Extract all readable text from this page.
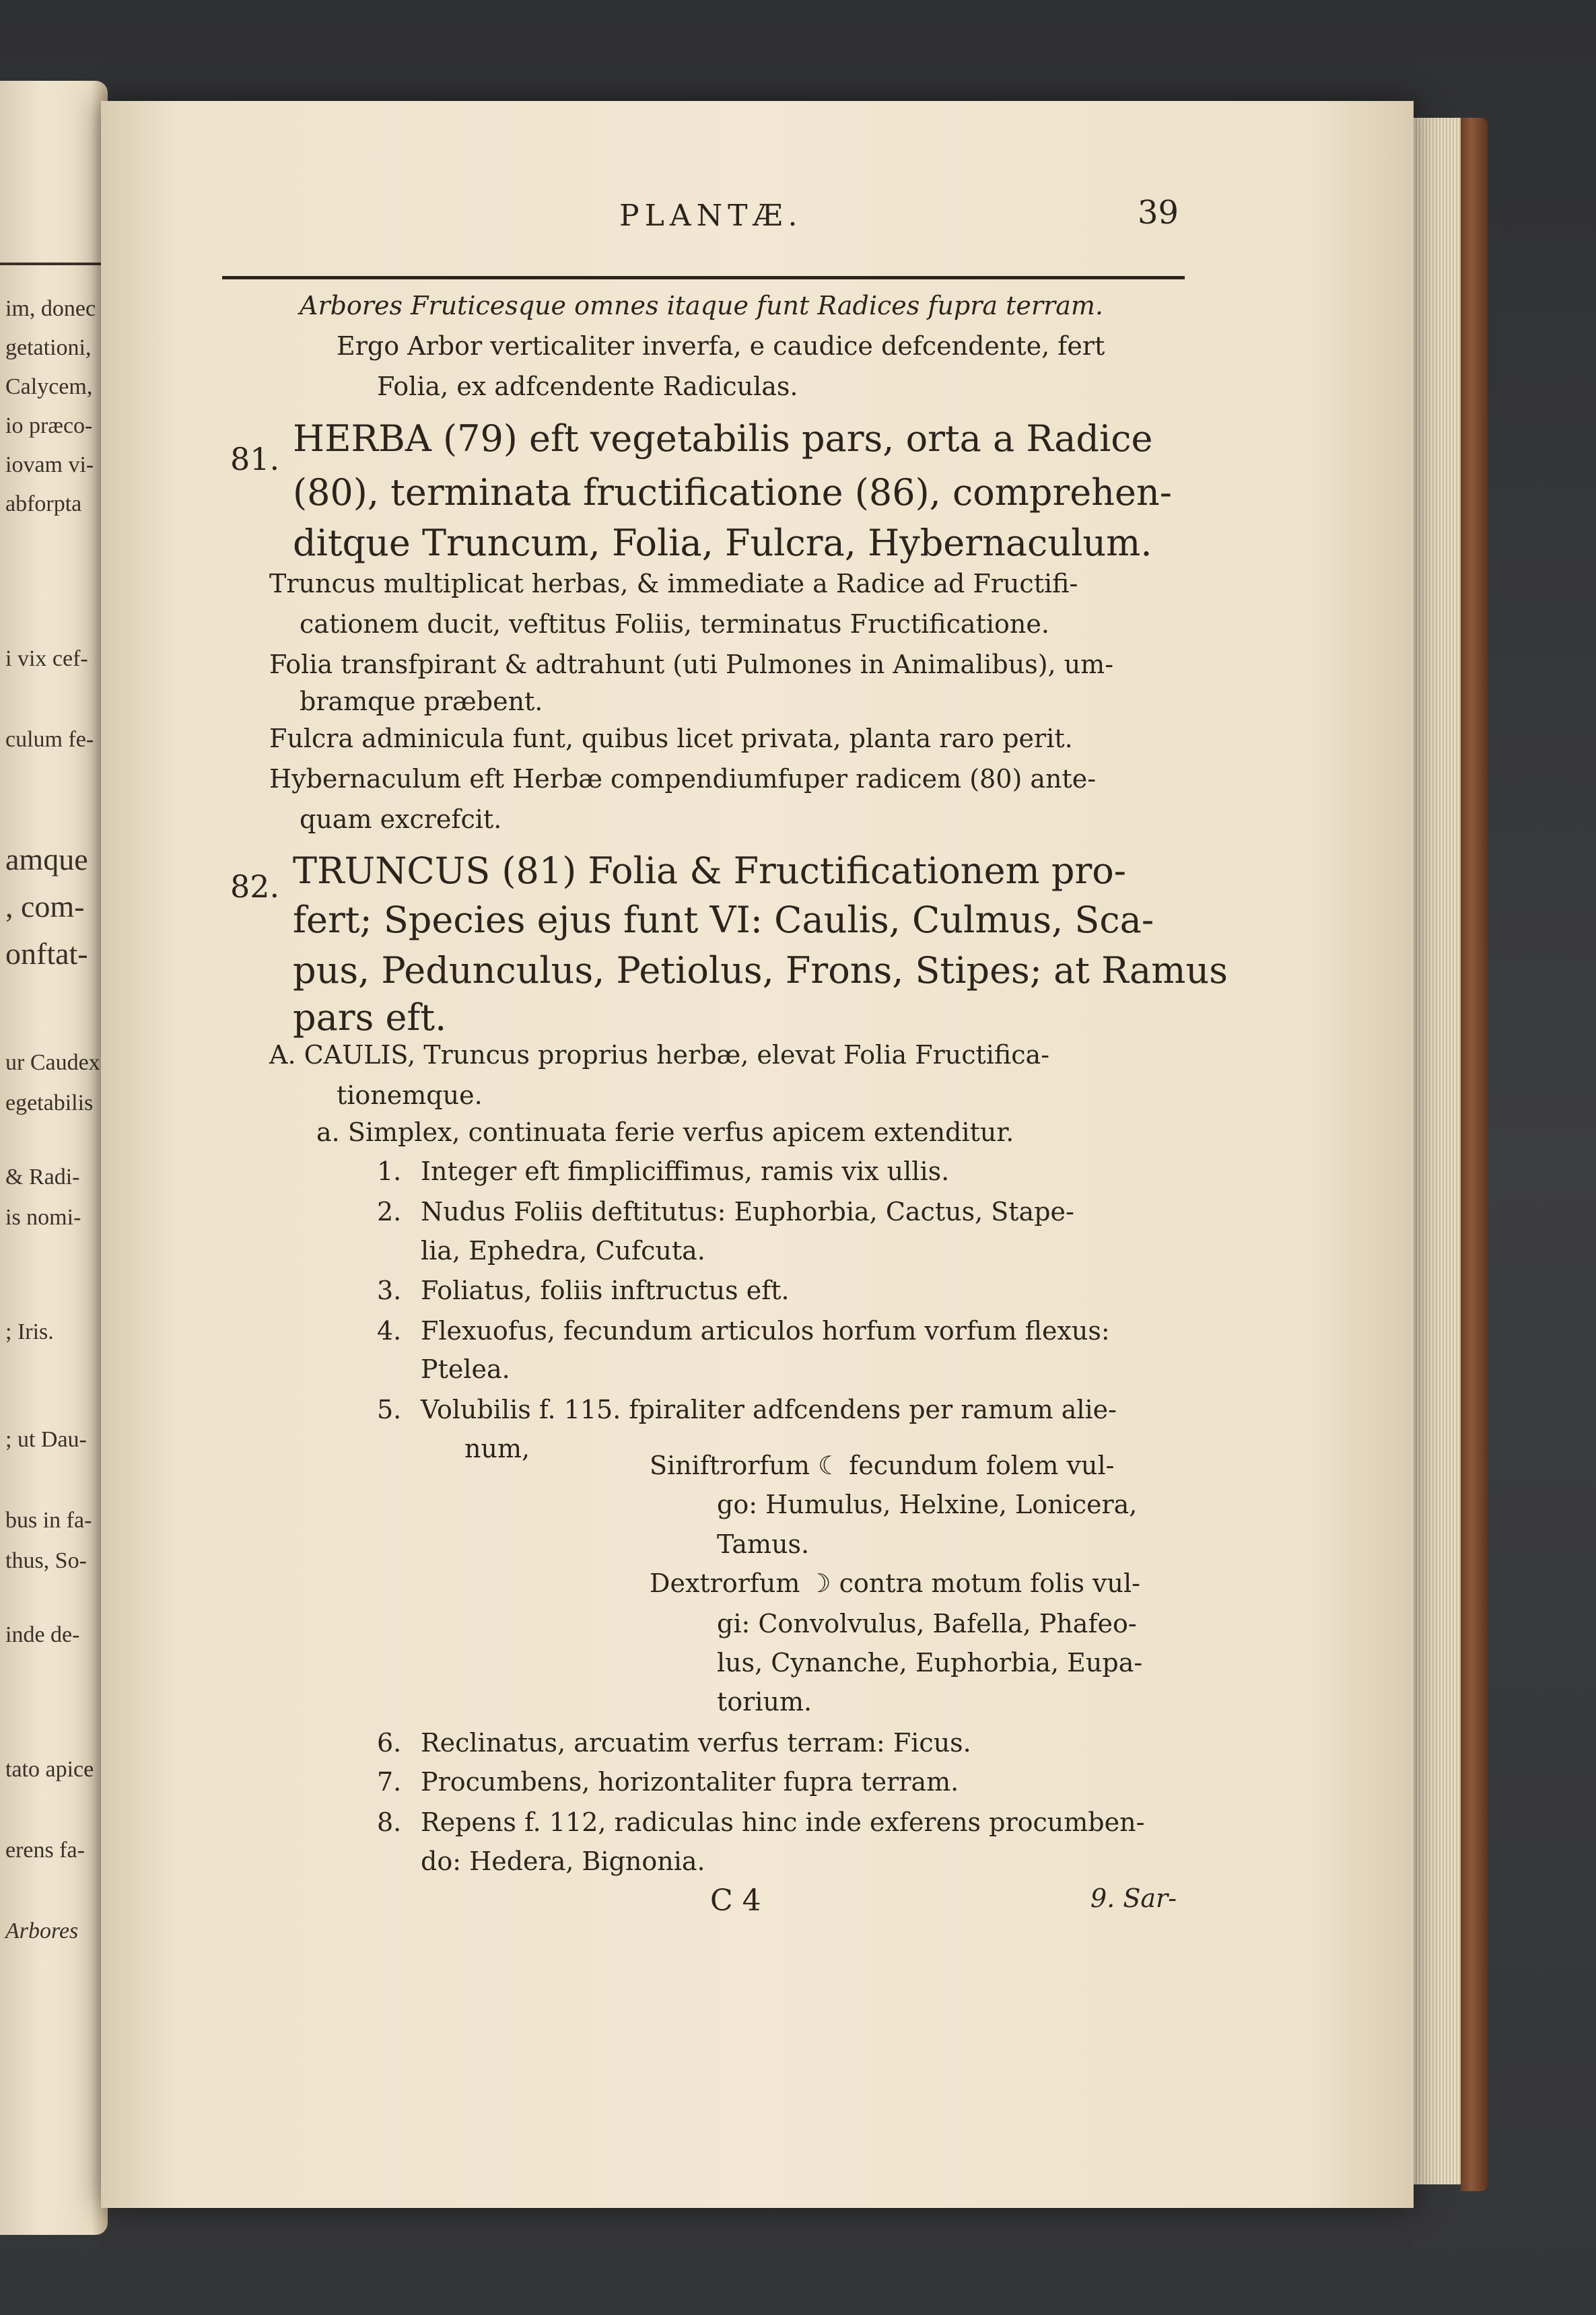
im, donec
getationi,
Calycem,
io præco-
iovam vi-
abforpta
i vix cef-
culum fe-
amque
, com-
onftat-
ur Caudex
egetabilis
& Radi-
is nomi-
; Iris.
; ut Dau-
bus in fa-
thus, So-
inde de-
tato apice
erens fa-
Arbores
PLANTÆ.	39
Arbores Fruticesque omnes itaque funt Radices fupra terram.
Ergo Arbor verticaliter inverfa, e caudice defcendente, fert
Folia, ex adfcendente Radiculas.
81. HERBA (79) eft vegetabilis pars, orta a Radice
(80), terminata fructificatione (86), comprehen-
ditque Truncum, Folia, Fulcra, Hybernaculum.
Truncus multiplicat herbas, & immediate a Radice ad Fructifi-
cationem ducit, veftitus Foliis, terminatus Fructificatione.
Folia transfpirant & adtrahunt (uti Pulmones in Animalibus), um-
bramque præbent.
Fulcra adminicula funt, quibus licet privata, planta raro perit.
Hybernaculum eft Herbæ compendiumfuper radicem (80) ante-
quam excrefcit.
82. TRUNCUS (81) Folia & Fructificationem pro-
fert; Species ejus funt VI: Caulis, Culmus, Sca-
pus, Pedunculus, Petiolus, Frons, Stipes; at Ramus
pars eft.
A. CAULIS, Truncus proprius herbæ, elevat Folia Fructifica-
tionemque.
a. Simplex, continuata ferie verfus apicem extenditur.
1. Integer eft fimpliciffimus, ramis vix ullis.
2. Nudus Foliis deftitutus: Euphorbia, Cactus, Stape-
lia, Ephedra, Cufcuta.
3. Foliatus, foliis inftructus eft.
4. Flexuofus, fecundum articulos horfum vorfum flexus:
Ptelea.
5. Volubilis f. 115. fpiraliter adfcendens per ramum alie-
num,
Siniftrorfum ☾ fecundum folem vul-
go: Humulus, Helxine, Lonicera,
Tamus.
Dextrorfum ☽ contra motum folis vul-
gi: Convolvulus, Bafella, Phafeo-
lus, Cynanche, Euphorbia, Eupa-
torium.
6. Reclinatus, arcuatim verfus terram: Ficus.
7. Procumbens, horizontaliter fupra terram.
8. Repens f. 112, radiculas hinc inde exferens procumben-
do: Hedera, Bignonia.
C 4	9. Sar-
